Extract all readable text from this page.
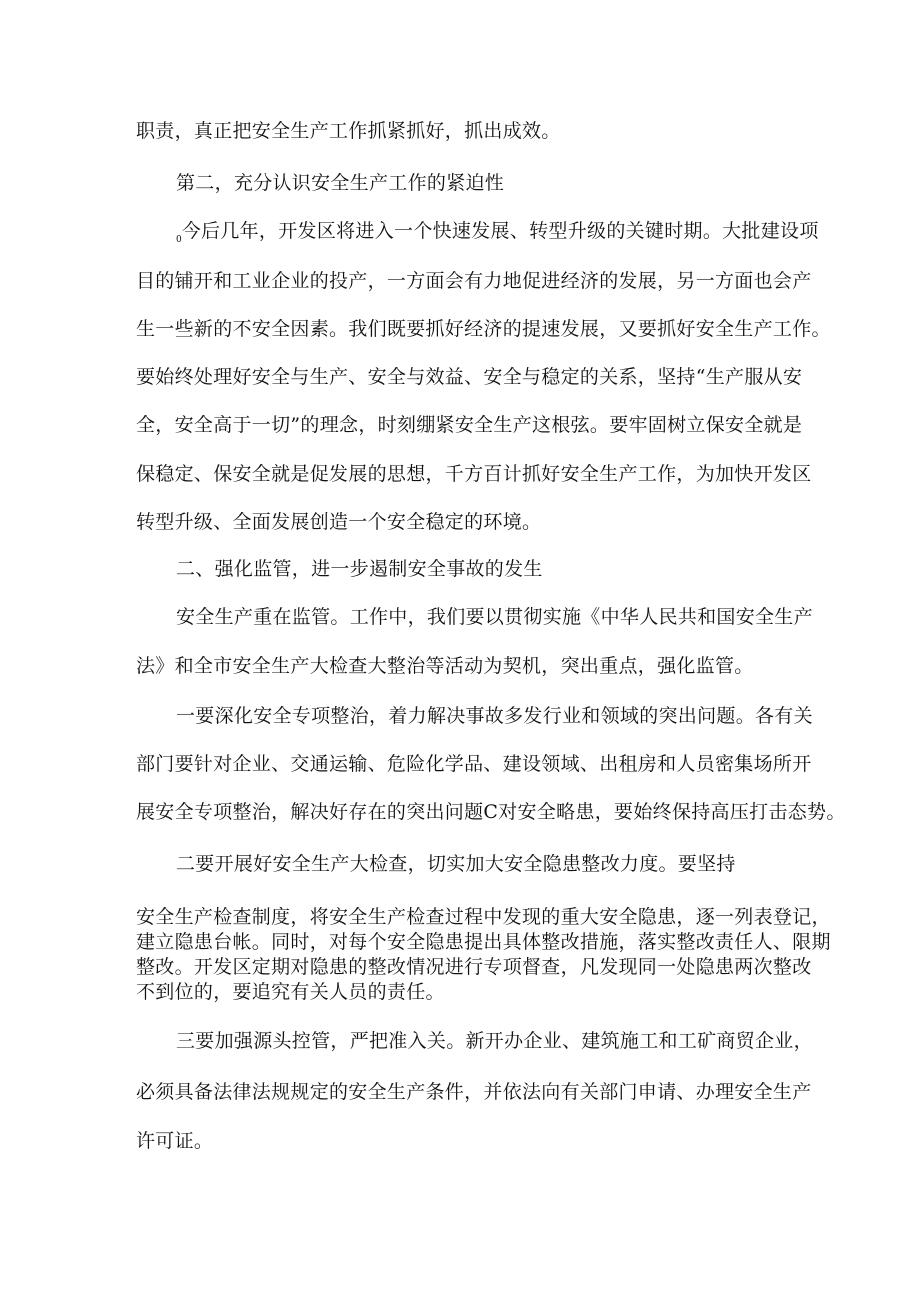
职责，真正把安全生产工作抓紧抓好，抓出成效。

第二，充分认识安全生产工作的紧迫性

$_0$今后几年，开发区将进入一个快速发展、转型升级的关键时期。大批建设项

目的铺开和工业企业的投产，一方面会有力地促进经济的发展，另一方面也会产

生一些新的不安全因素。我们既要抓好经济的提速发展，又要抓好安全生产工作。

要始终处理好安全与生产、安全与效益、安全与稳定的关系，坚持“生产服从安

全，安全高于一切”的理念，时刻绷紧安全生产这根弦。要牢固树立保安全就是

保稳定、保安全就是促发展的思想，千方百计抓好安全生产工作，为加快开发区

转型升级、全面发展创造一个安全稳定的环境。

二、强化监管，进一步遏制安全事故的发生

安全生产重在监管。工作中，我们要以贯彻实施《中华人民共和国安全生产

法》和全市安全生产大检查大整治等活动为契机，突出重点，强化监管。

一要深化安全专项整治，着力解决事故多发行业和领域的突出问题。各有关

部门要针对企业、交通运输、危险化学品、建设领域、出租房和人员密集场所开

展安全专项整治，解决好存在的突出问题C对安全略患，要始终保持高压打击态势。

二要开展好安全生产大检查，切实加大安全隐患整改力度。要坚持

安全生产检查制度，将安全生产检查过程中发现的重大安全隐患，逐一列表登记，

建立隐患台帐。同时，对每个安全隐患提出具体整改措施，落实整改责任人、限期

整改。开发区定期对隐患的整改情况进行专项督查，凡发现同一处隐患两次整改

不到位的，要追究有关人员的责任。

三要加强源头控管，严把准入关。新开办企业、建筑施工和工矿商贸企业，

必须具备法律法规规定的安全生产条件，并依法向有关部门申请、办理安全生产

许可证。
